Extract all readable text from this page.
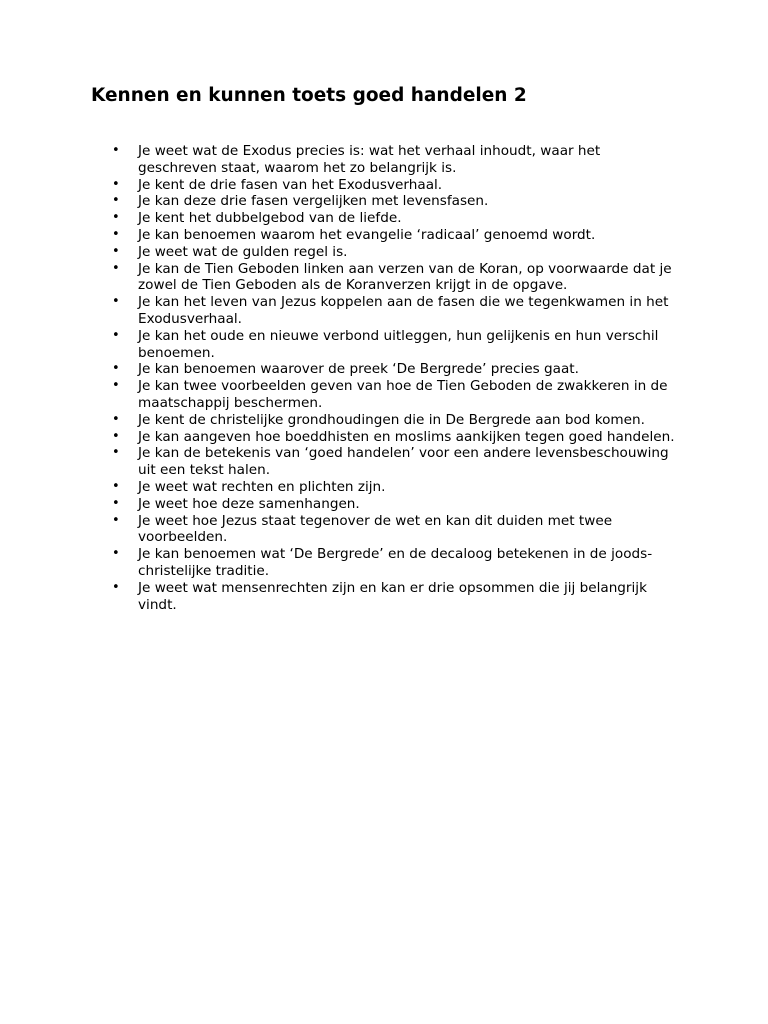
Kennen en kunnen toets goed handelen 2
• Je weet wat de Exodus precies is: wat het verhaal inhoudt, waar het geschreven staat, waarom het zo belangrijk is.
• Je kent de drie fasen van het Exodusverhaal.
• Je kan deze drie fasen vergelijken met levensfasen.
• Je kent het dubbelgebod van de liefde.
• Je kan benoemen waarom het evangelie ‘radicaal’ genoemd wordt.
• Je weet wat de gulden regel is.
• Je kan de Tien Geboden linken aan verzen van de Koran, op voorwaarde dat je zowel de Tien Geboden als de Koranverzen krijgt in de opgave.
• Je kan het leven van Jezus koppelen aan de fasen die we tegenkwamen in het Exodusverhaal.
• Je kan het oude en nieuwe verbond uitleggen, hun gelijkenis en hun verschil benoemen.
• Je kan benoemen waarover de preek ‘De Bergrede’ precies gaat.
• Je kan twee voorbeelden geven van hoe de Tien Geboden de zwakkeren in de maatschappij beschermen.
• Je kent de christelijke grondhoudingen die in De Bergrede aan bod komen.
• Je kan aangeven hoe boeddhisten en moslims aankijken tegen goed handelen.
• Je kan de betekenis van ‘goed handelen’ voor een andere levensbeschouwing uit een tekst halen.
• Je weet wat rechten en plichten zijn.
• Je weet hoe deze samenhangen.
• Je weet hoe Jezus staat tegenover de wet en kan dit duiden met twee voorbeelden.
• Je kan benoemen wat ‘De Bergrede’ en de decaloog betekenen in de joods-christelijke traditie.
• Je weet wat mensenrechten zijn en kan er drie opsommen die jij belangrijk vindt.
